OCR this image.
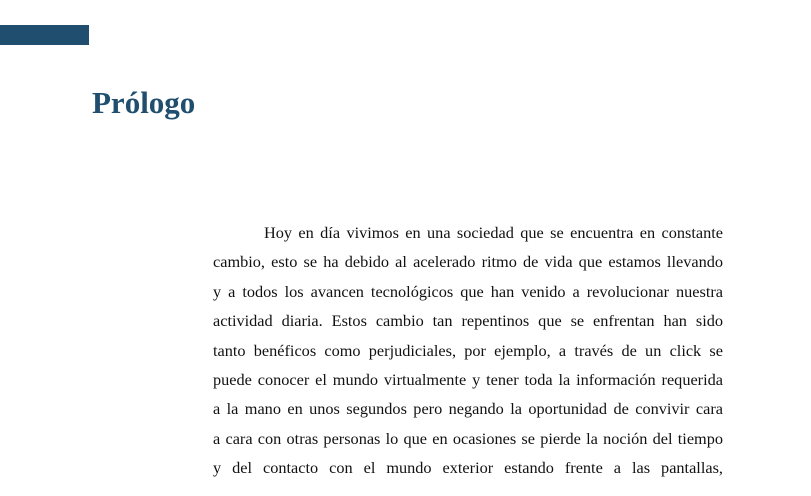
Prólogo
Hoy en día vivimos en una sociedad que se encuentra en constante
cambio, esto se ha debido al acelerado ritmo de vida que estamos llevando
y a todos los avancen tecnológicos que han venido a revolucionar nuestra
actividad diaria. Estos cambio tan repentinos que se enfrentan han sido
tanto benéficos como perjudiciales, por ejemplo, a través de un click se
puede conocer el mundo virtualmente y tener toda la información requerida
a la mano en unos segundos pero negando la oportunidad de convivir cara
a cara con otras personas lo que en ocasiones se pierde la noción del tiempo
y del contacto con el mundo exterior estando frente a las pantallas,
